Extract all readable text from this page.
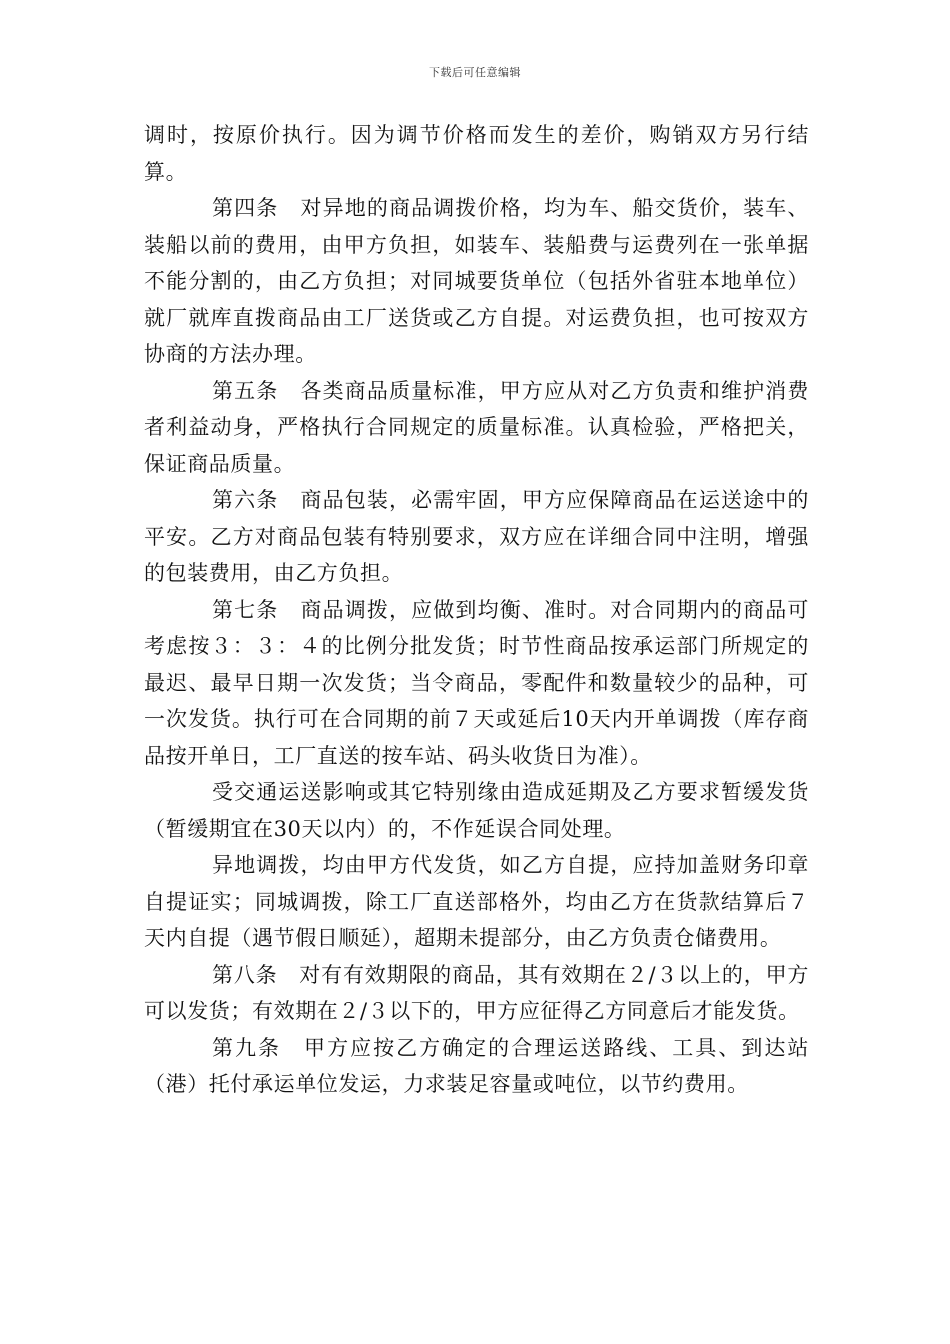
下载后可任意编辑

调时，按原价执行。因为调节价格而发生的差价，购销双方另行结算。

第四条　对异地的商品调拨价格，均为车、船交货价，装车、装船以前的费用，由甲方负担，如装车、装船费与运费列在一张单据不能分割的，由乙方负担；对同城要货单位（包括外省驻本地单位）就厂就库直拨商品由工厂送货或乙方自提。对运费负担，也可按双方协商的方法办理。

第五条　各类商品质量标准，甲方应从对乙方负责和维护消费者利益动身，严格执行合同规定的质量标准。认真检验，严格把关，保证商品质量。

第六条　商品包装，必需牢固，甲方应保障商品在运送途中的平安。乙方对商品包装有特别要求，双方应在详细合同中注明，增强的包装费用，由乙方负担。

第七条　商品调拨，应做到均衡、准时。对合同期内的商品可考虑按３：３：４的比例分批发货；时节性商品按承运部门所规定的最迟、最早日期一次发货；当令商品，零配件和数量较少的品种，可一次发货。执行可在合同期的前７天或延后10天内开单调拨（库存商品按开单日，工厂直送的按车站、码头收货日为准）。

受交通运送影响或其它特别缘由造成延期及乙方要求暂缓发货（暂缓期宜在30天以内）的，不作延误合同处理。

异地调拨，均由甲方代发货，如乙方自提，应持加盖财务印章自提证实；同城调拨，除工厂直送部格外，均由乙方在货款结算后７天内自提（遇节假日顺延），超期未提部分，由乙方负责仓储费用。

第八条　对有有效期限的商品，其有效期在２/３以上的，甲方可以发货；有效期在２/３以下的，甲方应征得乙方同意后才能发货。

第九条　甲方应按乙方确定的合理运送路线、工具、到达站（港）托付承运单位发运，力求装足容量或吨位，以节约费用。
